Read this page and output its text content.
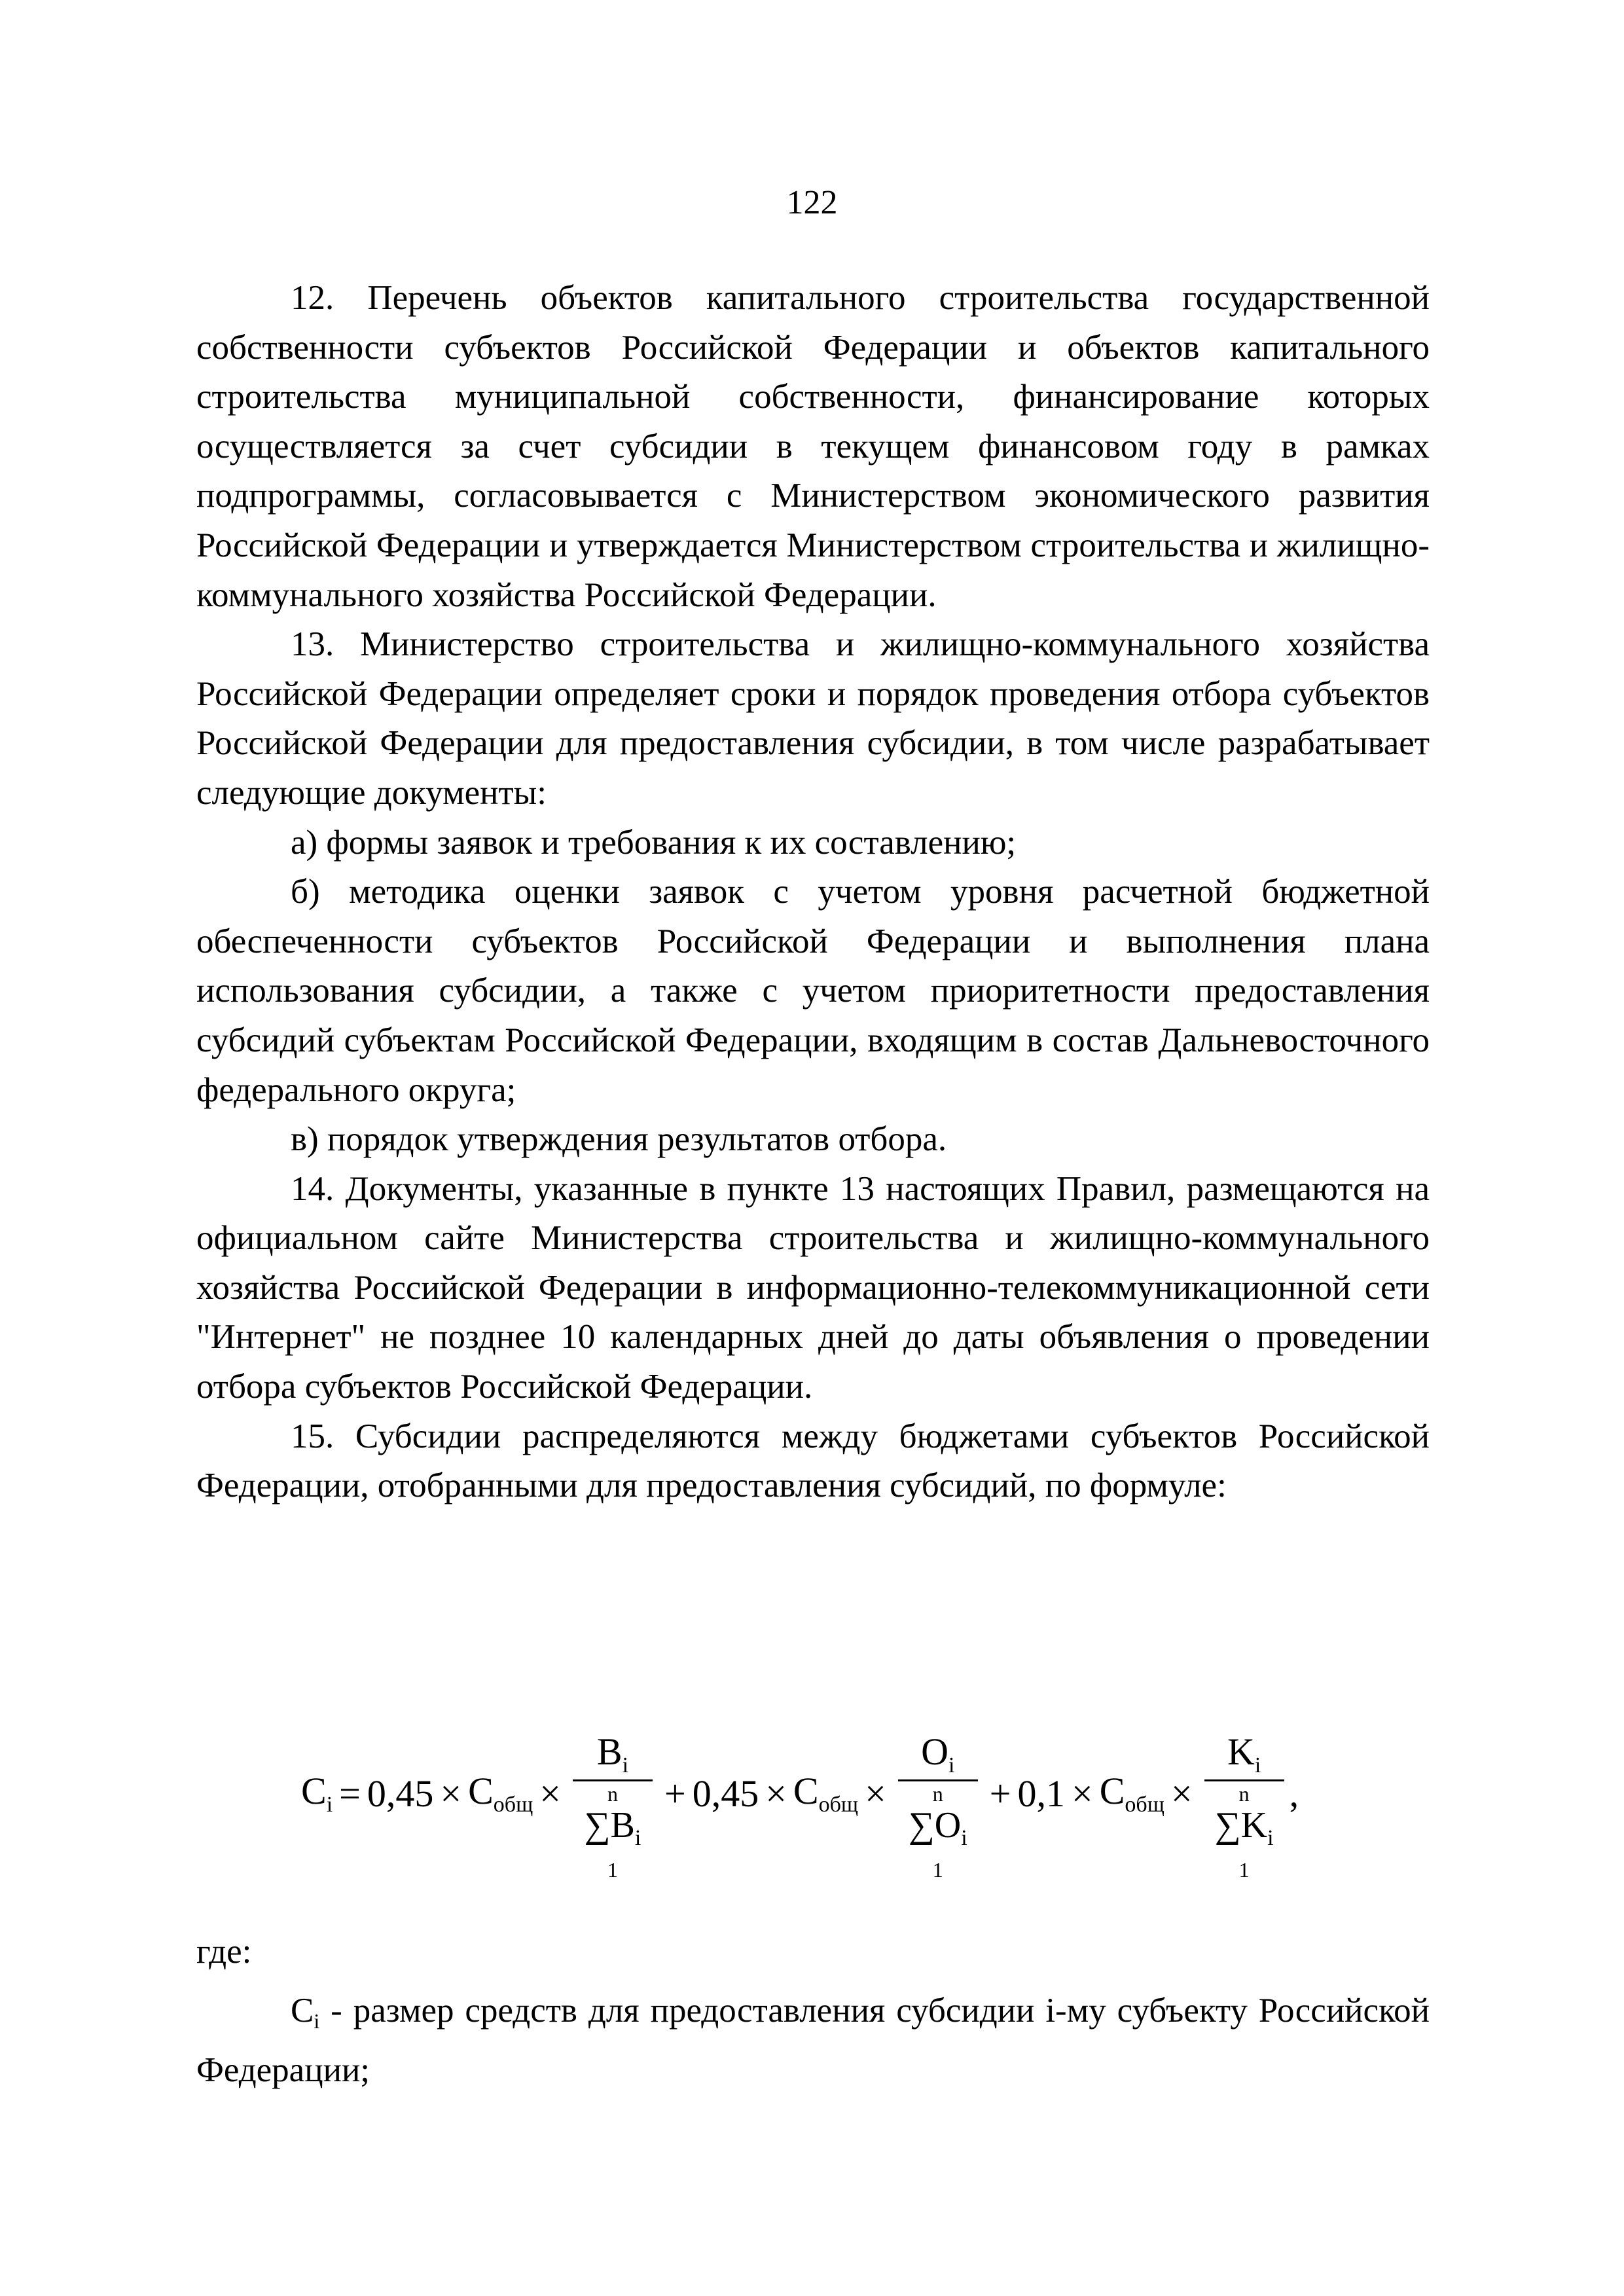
122

12. Перечень объектов капитального строительства государственной собственности субъектов Российской Федерации и объектов капитального строительства муниципальной собственности, финансирование которых осуществляется за счет субсидии в текущем финансовом году в рамках подпрограммы, согласовывается с Министерством экономического развития Российской Федерации и утверждается Министерством строительства и жилищно-коммунального хозяйства Российской Федерации.

13. Министерство строительства и жилищно-коммунального хозяйства Российской Федерации определяет сроки и порядок проведения отбора субъектов Российской Федерации для предоставления субсидии, в том числе разрабатывает следующие документы:

а) формы заявок и требования к их составлению;

б) методика оценки заявок с учетом уровня расчетной бюджетной обеспеченности субъектов Российской Федерации и выполнения плана использования субсидии, а также с учетом приоритетности предоставления субсидий субъектам Российской Федерации, входящим в состав Дальневосточного федерального округа;

в) порядок утверждения результатов отбора.

14. Документы, указанные в пункте 13 настоящих Правил, размещаются на официальном сайте Министерства строительства и жилищно-коммунального хозяйства Российской Федерации в информационно-телекоммуникационной сети "Интернет" не позднее 10 календарных дней до даты объявления о проведении отбора субъектов Российской Федерации.

15. Субсидии распределяются между бюджетами субъектов Российской Федерации, отобранными для предоставления субсидий, по формуле:

$C_i = 0,45 \times C_{общ} \times B_i$
n
$\sum B_i$
$1 + 0,45 \times C_{общ} \times O_i$
n
$\sum O_i$
$1 + 0,1 \times C_{общ} \times K_i$
n
$\sum K_i$
1 ,

где:

$C_i$ - размер средств для предоставления субсидии i-му субъекту Российской Федерации;
